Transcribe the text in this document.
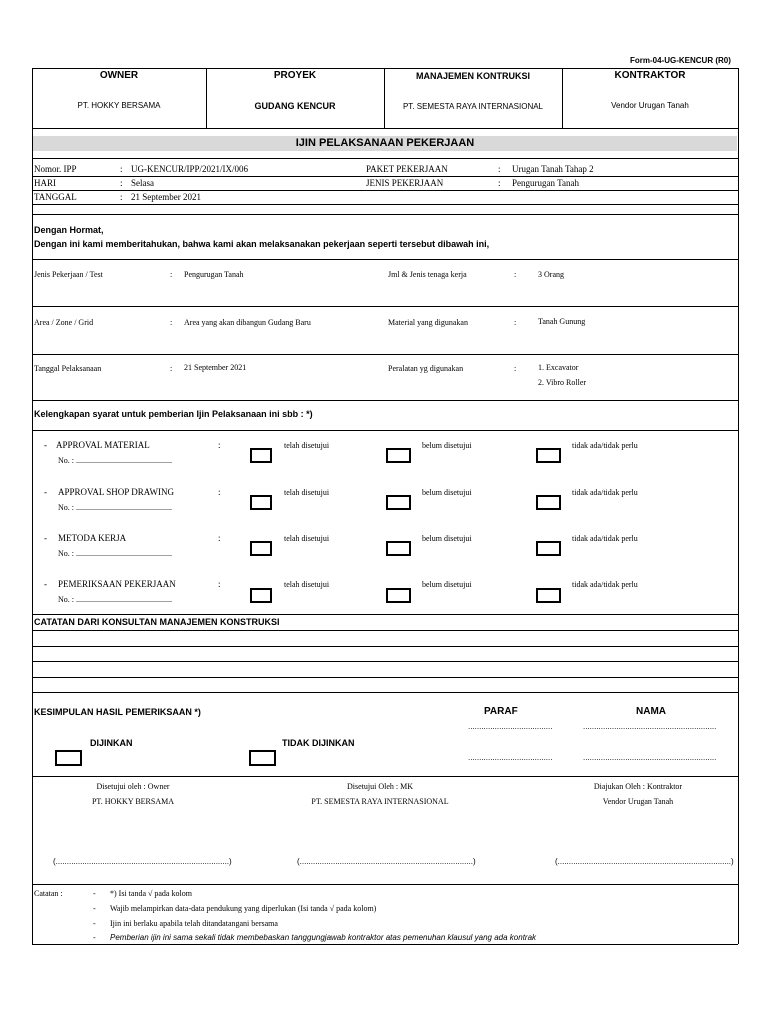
Form-04-UG-KENCUR (R0)
OWNER
PT. HOKKY BERSAMA
PROYEK
GUDANG KENCUR
MANAJEMEN KONTRUKSI
PT. SEMESTA RAYA INTERNASIONAL
KONTRAKTOR
Vendor Urugan Tanah
IJIN PELAKSANAAN PEKERJAAN
Nomor. IPP	: UG-KENCUR/IPP/2021/IX/006
HARI	: Selasa
TANGGAL	: 21 September 2021
PAKET PEKERJAAN	: Urugan Tanah Tahap 2
JENIS PEKERJAAN	: Pengurugan Tanah
Dengan Hormat,
Dengan ini kami memberitahukan, bahwa kami akan melaksanakan pekerjaan seperti tersebut dibawah ini,
Jenis Pekerjaan / Test	: Pengurugan Tanah	Jml & Jenis tenaga kerja	:	3 Orang
Area / Zone / Grid	: Area yang akan dibangun Gudang Baru	Material yang digunakan	:	Tanah Gunung
Tanggal Pelaksanaan	: 21 September 2021	Peralatan yg digunakan	:	1. Excavator
2. Vibro Roller
Kelengkapan syarat untuk pemberian Ijin Pelaksanaan ini sbb : *)
- APPROVAL MATERIAL
No. : ................................................
:	telah disetujui	belum disetujui	tidak ada/tidak perlu
- APPROVAL SHOP DRAWING
No. : ................................................
:	telah disetujui	belum disetujui	tidak ada/tidak perlu
- METODA KERJA
No. : ................................................
:	telah disetujui	belum disetujui	tidak ada/tidak perlu
- PEMERIKSAAN PEKERJAAN
No. : ................................................
:	telah disetujui	belum disetujui	tidak ada/tidak perlu
CATATAN DARI KONSULTAN MANAJEMEN KONSTRUKSI
KESIMPULAN HASIL PEMERIKSAAN *)	PARAF	NAMA
......................................	............................................................
......................................	............................................................
DIJINKAN	TIDAK DIJINKAN
Disetujui oleh : Owner
PT. HOKKY BERSAMA
(..............................................................................)
Disetujui Oleh : MK
PT. SEMESTA RAYA INTERNASIONAL
(..............................................................................)
Diajukan Oleh : Kontraktor
Vendor Urugan Tanah
(..............................................................................)
Catatan :	- *) Isi tanda √ pada kolom
- Wajib melampirkan data-data pendukung yang diperlukan (Isi tanda √ pada kolom)
- Ijin ini berlaku apabila telah ditandatangani bersama
- Pemberian ijin ini sama sekali tidak membebaskan tanggungjawab kontraktor atas pemenuhan klausul yang ada kontrak
